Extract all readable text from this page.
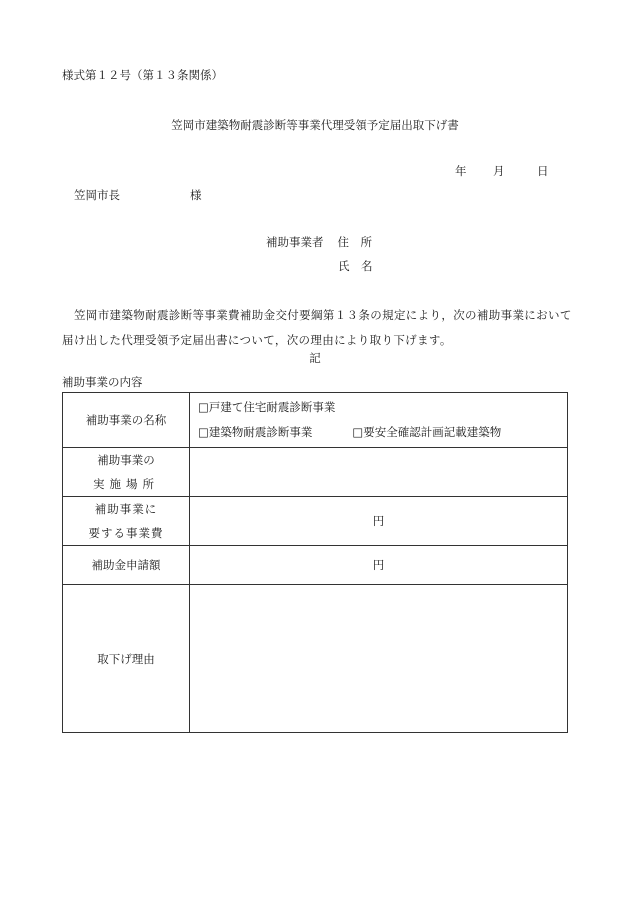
様式第１２号（第１３条関係）
笠岡市建築物耐震診断等事業代理受領予定届出取下げ書
年 月	日
笠岡市長	様
補助事業者 住　所
氏　名
笠岡市建築物耐震診断等事業費補助金交付要綱第１３条の規定により，次の補助事業において届け出した代理受領予定届出書について，次の理由により取り下げます。
記
補助事業の内容
補助事業の名称	□戸建て住宅耐震診断事業
□建築物耐震診断事業 □要安全確認計画記載建築物

補助事業の
実施場所	

補助事業に
要する事業費	円
補助金申請額	円
取下げ理由	
